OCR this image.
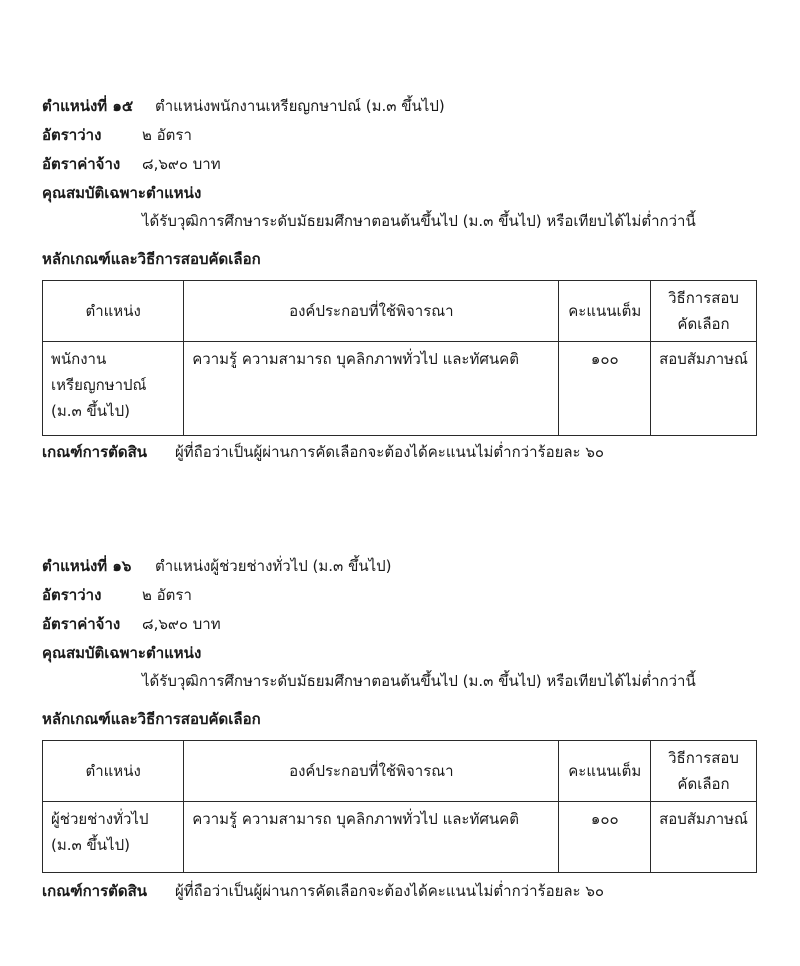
ตำแหน่งที่ ๑๕ ตำแหน่งพนักงานเหรียญกษาปณ์ (ม.๓ ขึ้นไป)
อัตราว่าง	๒ อัตรา
อัตราค่าจ้าง ๘,๖๙๐ บาท
คุณสมบัติเฉพาะตำแหน่ง
ได้รับวุฒิการศึกษาระดับมัธยมศึกษาตอนต้นขึ้นไป (ม.๓ ขึ้นไป) หรือเทียบได้ไม่ต่ำกว่านี้
หลักเกณฑ์และวิธีการสอบคัดเลือก
ตำแหน่ง	องค์ประกอบที่ใช้พิจารณา	คะแนนเต็ม	วิธีการสอบ
คัดเลือก

พนักงาน
เหรียญกษาปณ์
(ม.๓ ขึ้นไป)	ความรู้ ความสามารถ บุคลิกภาพทั่วไป และทัศนคติ	๑๐๐	สอบสัมภาษณ์
เกณฑ์การตัดสิน ผู้ที่ถือว่าเป็นผู้ผ่านการคัดเลือกจะต้องได้คะแนนไม่ต่ำกว่าร้อยละ ๖๐
ตำแหน่งที่ ๑๖ ตำแหน่งผู้ช่วยช่างทั่วไป (ม.๓ ขึ้นไป)
อัตราว่าง	๒ อัตรา
อัตราค่าจ้าง ๘,๖๙๐ บาท
คุณสมบัติเฉพาะตำแหน่ง
ได้รับวุฒิการศึกษาระดับมัธยมศึกษาตอนต้นขึ้นไป (ม.๓ ขึ้นไป) หรือเทียบได้ไม่ต่ำกว่านี้
หลักเกณฑ์และวิธีการสอบคัดเลือก
ตำแหน่ง	องค์ประกอบที่ใช้พิจารณา	คะแนนเต็ม	วิธีการสอบ
คัดเลือก

ผู้ช่วยช่างทั่วไป
(ม.๓ ขึ้นไป)	ความรู้ ความสามารถ บุคลิกภาพทั่วไป และทัศนคติ	๑๐๐	สอบสัมภาษณ์
เกณฑ์การตัดสิน ผู้ที่ถือว่าเป็นผู้ผ่านการคัดเลือกจะต้องได้คะแนนไม่ต่ำกว่าร้อยละ ๖๐
